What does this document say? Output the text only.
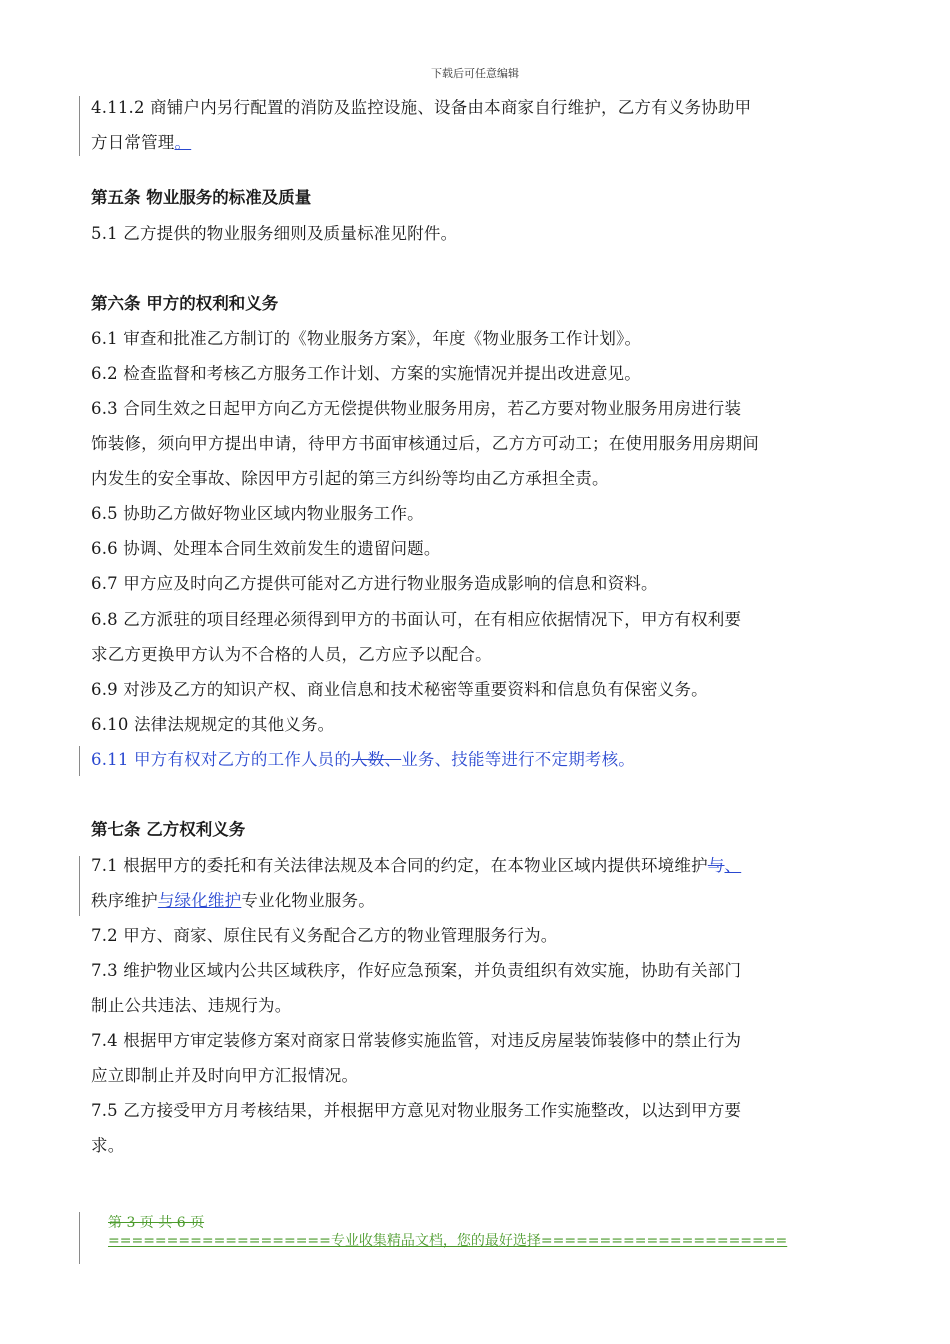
下载后可任意编辑

4.11.2 商铺户内另行配置的消防及监控设施、设备由本商家自行维护，乙方有义务协助甲

方日常管理。

第五条 物业服务的标准及质量

5.1 乙方提供的物业服务细则及质量标准见附件。

第六条 甲方的权利和义务

6.1 审查和批准乙方制订的《物业服务方案》，年度《物业服务工作计划》。

6.2 检查监督和考核乙方服务工作计划、方案的实施情况并提出改进意见。

6.3 合同生效之日起甲方向乙方无偿提供物业服务用房，若乙方要对物业服务用房进行装

饰装修，须向甲方提出申请，待甲方书面审核通过后，乙方方可动工；在使用服务用房期间

内发生的安全事故、除因甲方引起的第三方纠纷等均由乙方承担全责。

6.5 协助乙方做好物业区域内物业服务工作。

6.6 协调、处理本合同生效前发生的遗留问题。

6.7 甲方应及时向乙方提供可能对乙方进行物业服务造成影响的信息和资料。

6.8 乙方派驻的项目经理必须得到甲方的书面认可，在有相应依据情况下，甲方有权利要

求乙方更换甲方认为不合格的人员，乙方应予以配合。

6.9 对涉及乙方的知识产权、商业信息和技术秘密等重要资料和信息负有保密义务。

6.10 法律法规规定的其他义务。

6.11 甲方有权对乙方的工作人员的人数、业务、技能等进行不定期考核。

第七条 乙方权利义务

7.1 根据甲方的委托和有关法律法规及本合同的约定，在本物业区域内提供环境维护与、

秩序维护与绿化维护专业化物业服务。

7.2 甲方、商家、原住民有义务配合乙方的物业管理服务行为。

7.3 维护物业区域内公共区域秩序，作好应急预案，并负责组织有效实施，协助有关部门

制止公共违法、违规行为。

7.4 根据甲方审定装修方案对商家日常装修实施监管，对违反房屋装饰装修中的禁止行为

应立即制止并及时向甲方汇报情况。

7.5 乙方接受甲方月考核结果，并根据甲方意见对物业服务工作实施整改，以达到甲方要

求。

第 3 页 共 6 页
===================专业收集精品文档，您的最好选择=====================
